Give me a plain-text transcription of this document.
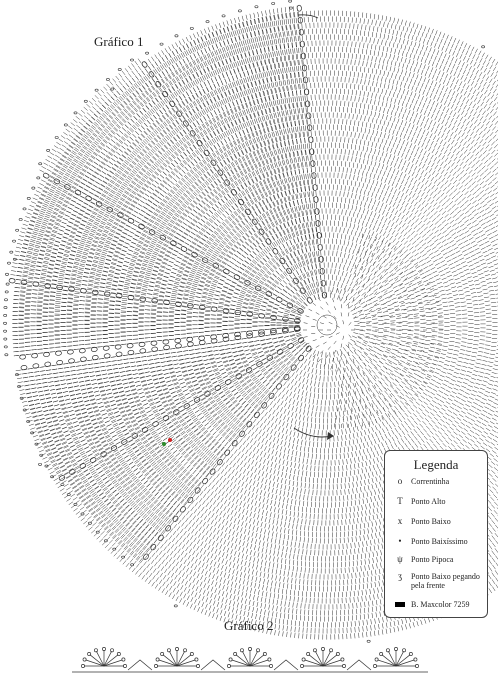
Gráfico 1
Gráfico 2
Legenda
o	Correntinha
T	Ponto Alto
x	Ponto Baixo
•	Ponto Baixíssimo
ψ	Ponto Pipoca
ʒ	Ponto Baixo pegando pela frente
B. Maxcolor 7259
